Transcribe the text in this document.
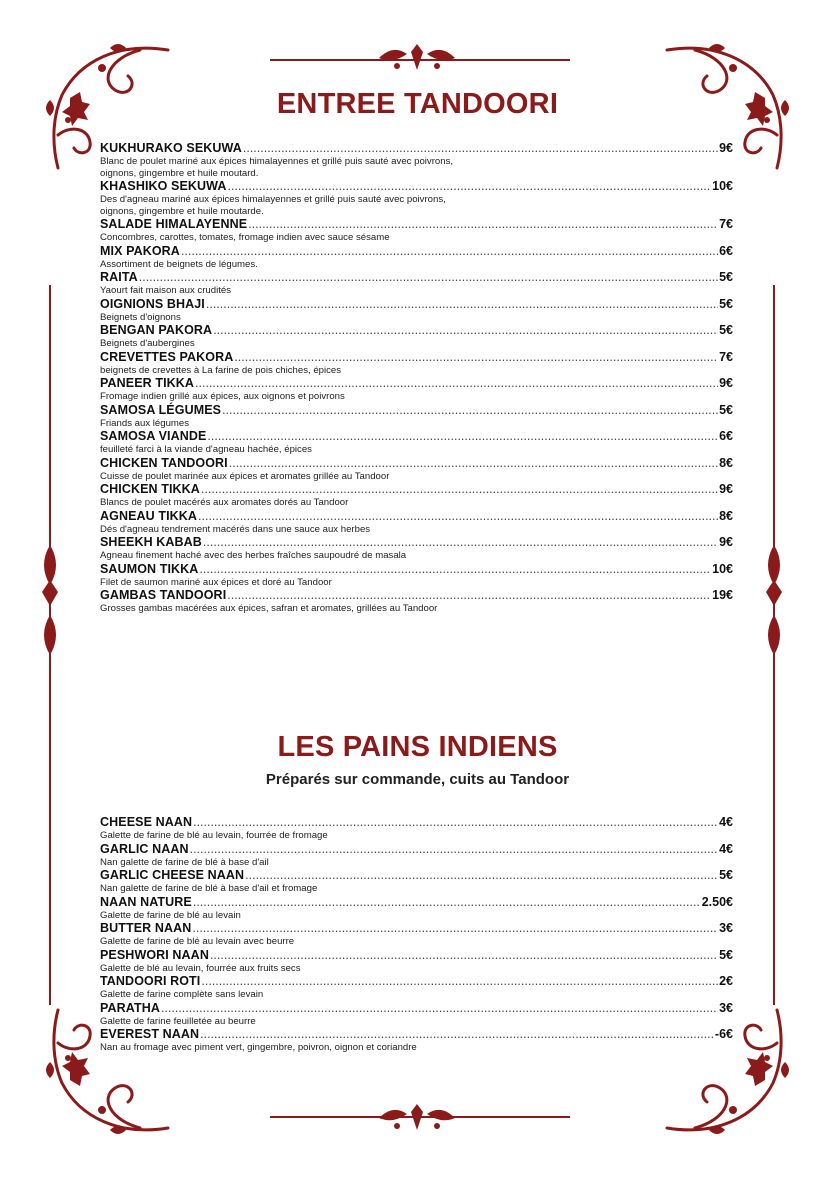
ENTREE TANDOORI
KUKHURAKO SEKUWA .....	9€
Blanc de poulet mariné aux épices himalayennes et grillé puis sauté avec poivrons,
oignons, gingembre et huile moutard.
KHASHIKO SEKUWA .....	10€
Des d'agneau mariné aux épices himalayennes et grillé puis sauté avec poivrons,
oignons, gingembre et huile moutarde.
SALADE HIMALAYENNE .....	7€
Concombres, carottes, tomates, fromage indien avec sauce sésame
MIX PAKORA .....	6€
Assortiment de beignets de légumes.
RAITA .....	5€
Yaourt fait maison aux crudités
OIGNIONS BHAJI .....	5€
Beignets d'oignons
BENGAN PAKORA .....	5€
Beignets d'aubergines
CREVETTES PAKORA .....	7€
beignets de crevettes à La farine de pois chiches, épices
PANEER TIKKA .....	9€
Fromage indien grillé aux épices, aux oignons et poivrons
SAMOSA LÉGUMES .....	5€
Friands aux légumes
SAMOSA VIANDE .....	6€
feuilleté farci à la viande d'agneau hachée, épices
CHICKEN TANDOORI .....	8€
Cuisse de poulet marinée aux épices et aromates grillée au Tandoor
CHICKEN TIKKA .....	9€
Blancs de poulet macérés aux aromates dorés au Tandoor
AGNEAU TIKKA .....	8€
Dés d'agneau tendrement macérés dans une sauce aux herbes
SHEEKH KABAB .....	9€
Agneau finement haché avec des herbes fraîches saupoudré de masala
SAUMON TIKKA .....	10€
Filet de saumon mariné aux épices et doré au Tandoor
GAMBAS TANDOORI .....	19€
Grosses gambas macérées aux épices, safran et aromates, grillées au Tandoor
LES PAINS INDIENS
Préparés sur commande, cuits au Tandoor
CHEESE NAAN .....	4€
Galette de farine de blé au levain, fourrée de fromage
GARLIC NAAN .....	4€
Nan galette de farine de blé à base d'ail
GARLIC CHEESE NAAN .....	5€
Nan galette de farine de blé à base d'ail et fromage
NAAN NATURE .....	2.50€
Galette de farine de blé au levain
BUTTER NAAN .....	3€
Galette de farine de blé au levain avec beurre
PESHWORI NAAN .....	5€
Galette de blé au levain, fourrée aux fruits secs
TANDOORI ROTI .....	2€
Galette de farine complète sans levain
PARATHA .....	3€
Galette de farine feuilletée au beurre
EVEREST NAAN .....	-6€
Nan au fromage avec piment vert, gingembre, poivron, oignon et coriandre
